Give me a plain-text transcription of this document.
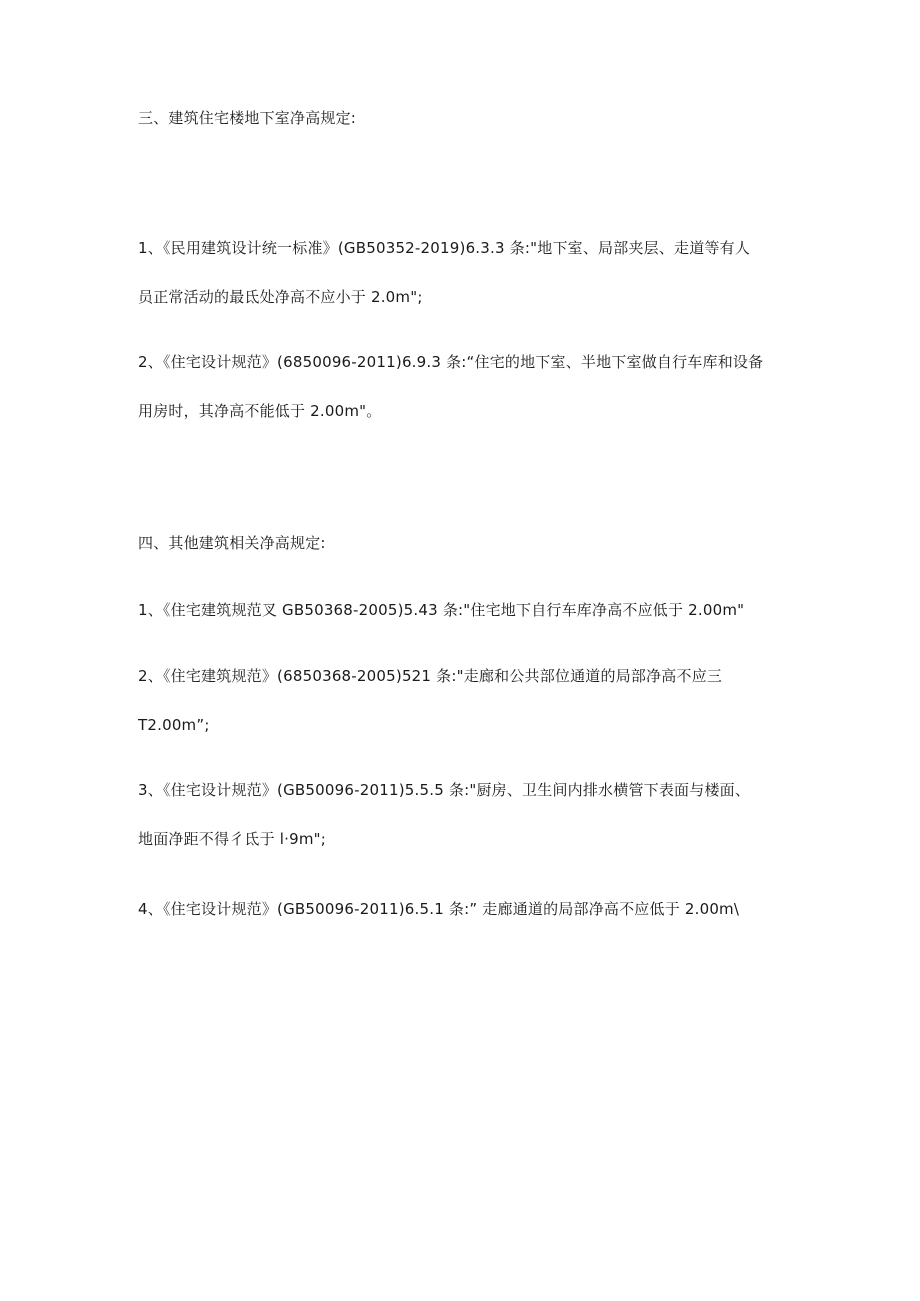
三、建筑住宅楼地下室净高规定:

1、《民用建筑设计统一标准》(GB50352-2019)6.3.3 条:"地下室、局部夹层、走道等有人

员正常活动的最氐处净高不应小于 2.0m";

2、《住宅设计规范》(6850096-2011)6.9.3 条:“住宅的地下室、半地下室做自行车库和设备

用房时，其净高不能低于 2.00m"。

四、其他建筑相关净高规定:

1、《住宅建筑规范叉 GB50368-2005)5.43 条:"住宅地下自行车库净高不应低于 2.00m"

2、《住宅建筑规范》(6850368-2005)521 条:"走廊和公共部位通道的局部净高不应三

T2.00m”;

3、《住宅设计规范》(GB50096-2011)5.5.5 条:"厨房、卫生间内排水横管下表面与楼面、

地面净距不得彳氐于 l·9m";

4、《住宅设计规范》(GB50096-2011)6.5.1 条:” 走廊通道的局部净高不应低于 2.00m\
